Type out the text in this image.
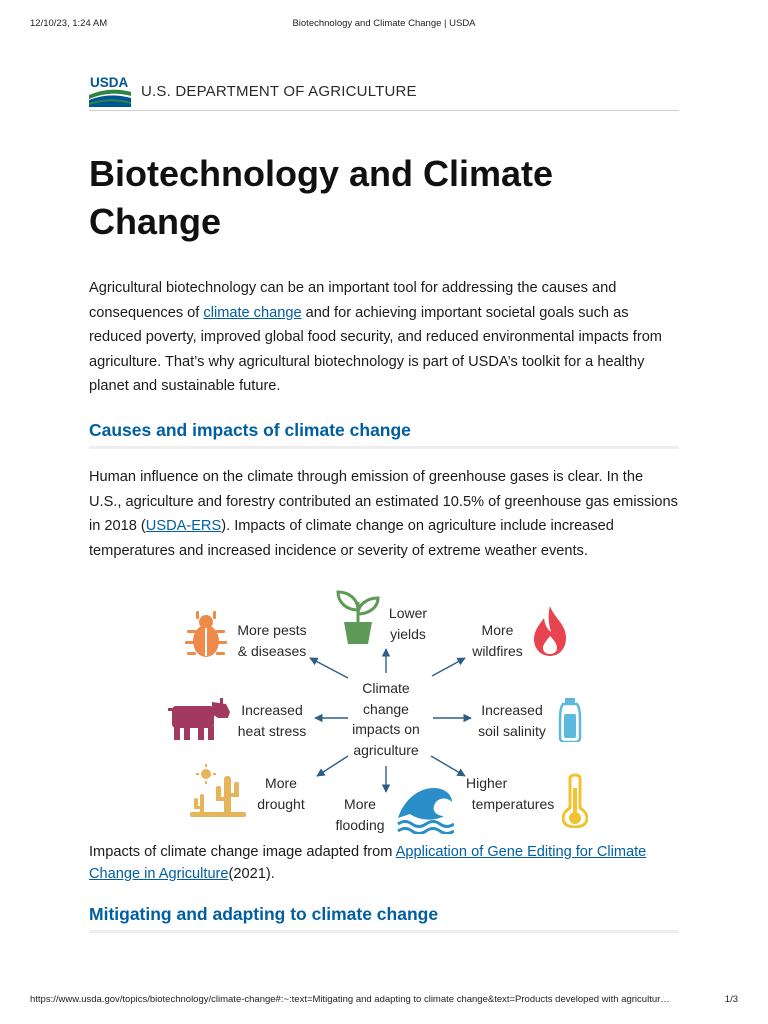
12/10/23, 1:24 AM	Biotechnology and Climate Change | USDA
USDA
U.S. DEPARTMENT OF AGRICULTURE
Biotechnology and Climate Change

Agricultural biotechnology can be an important tool for addressing the causes and consequences of climate change and for achieving important societal goals such as reduced poverty, improved global food security, and reduced environmental impacts from agriculture. That’s why agricultural biotechnology is part of USDA’s toolkit for a healthy planet and sustainable future.

Causes and impacts of climate change

Human influence on the climate through emission of greenhouse gases is clear. In the U.S., agriculture and forestry contributed an estimated 10.5% of greenhouse gas emissions in 2018 (USDA-ERS). Impacts of climate change on agriculture include increased temperatures and increased incidence or severity of extreme weather events.

Climate
change
impacts on
agriculture
More pests
& diseases
Lower
yields	More
wildfires
Increased
heat stress
Increased
soil salinity
More
drought	More
flooding
Higher
temperatures

Impacts of climate change image adapted from Application of Gene Editing for Climate Change in Agriculture(2021).

Mitigating and adapting to climate change
https://www.usda.gov/topics/biotechnology/climate-change#:~:text=Mitigating and adapting to climate change&text=Products developed with agricultur…	1/3
